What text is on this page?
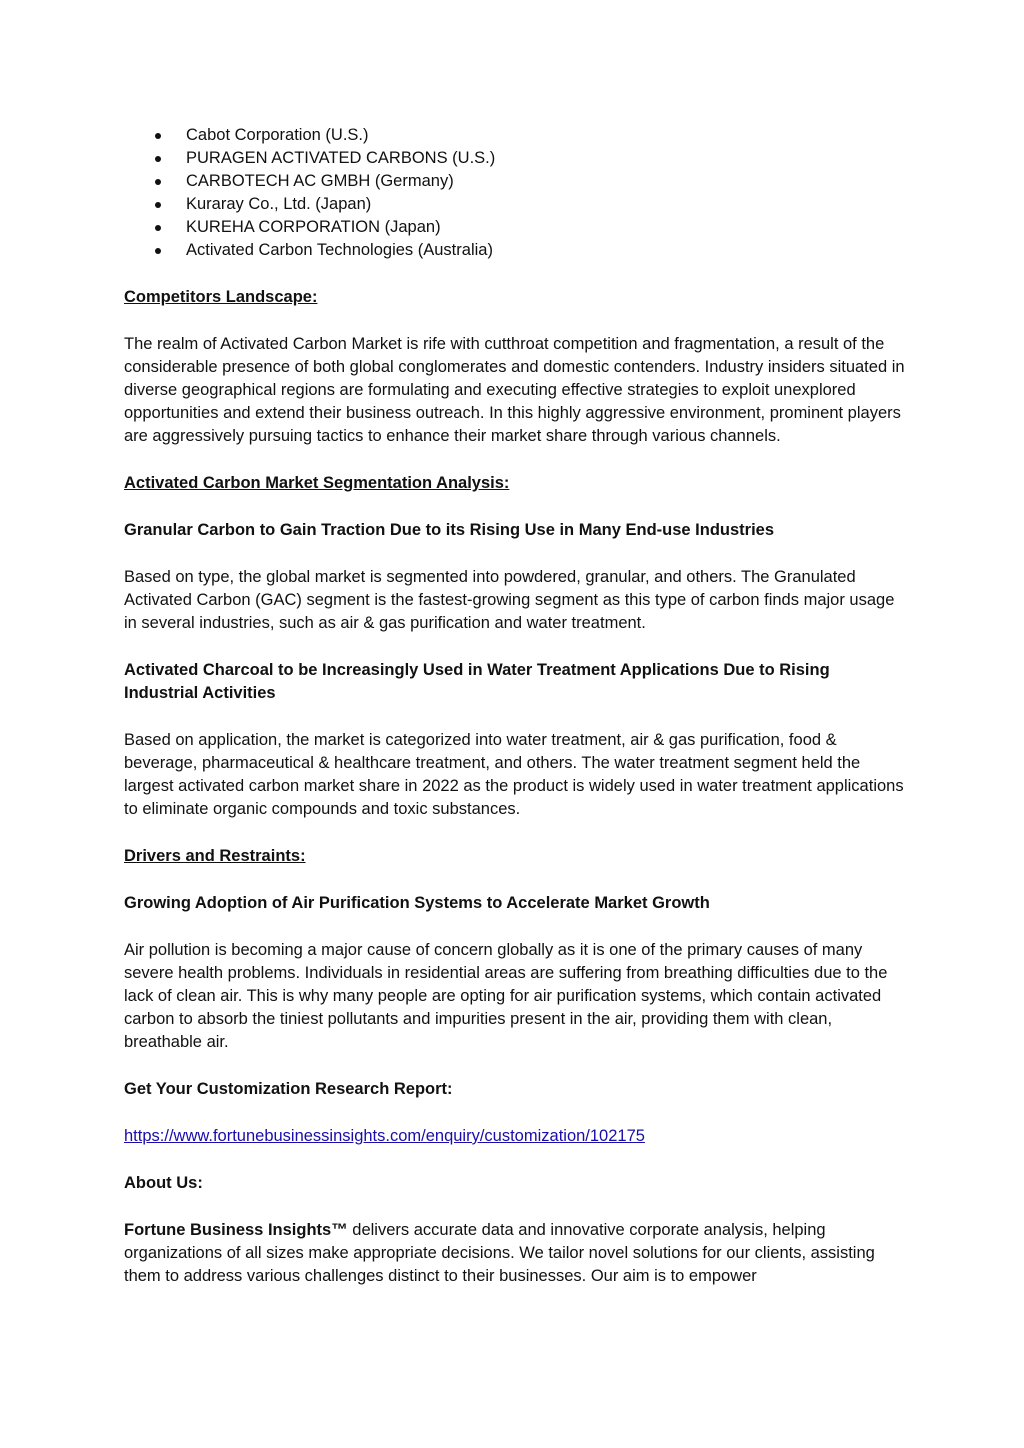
Cabot Corporation (U.S.)
PURAGEN ACTIVATED CARBONS (U.S.)
CARBOTECH AC GMBH (Germany)
Kuraray Co., Ltd. (Japan)
KUREHA CORPORATION (Japan)
Activated Carbon Technologies (Australia)

Competitors Landscape:

The realm of Activated Carbon Market is rife with cutthroat competition and fragmentation, a result of the considerable presence of both global conglomerates and domestic contenders. Industry insiders situated in diverse geographical regions are formulating and executing effective strategies to exploit unexplored opportunities and extend their business outreach. In this highly aggressive environment, prominent players are aggressively pursuing tactics to enhance their market share through various channels.

Activated Carbon Market Segmentation Analysis:

Granular Carbon to Gain Traction Due to its Rising Use in Many End-use Industries

Based on type, the global market is segmented into powdered, granular, and others. The Granulated Activated Carbon (GAC) segment is the fastest-growing segment as this type of carbon finds major usage in several industries, such as air & gas purification and water treatment.

Activated Charcoal to be Increasingly Used in Water Treatment Applications Due to Rising Industrial Activities

Based on application, the market is categorized into water treatment, air & gas purification, food & beverage, pharmaceutical & healthcare treatment, and others. The water treatment segment held the largest activated carbon market share in 2022 as the product is widely used in water treatment applications to eliminate organic compounds and toxic substances.

Drivers and Restraints:

Growing Adoption of Air Purification Systems to Accelerate Market Growth

Air pollution is becoming a major cause of concern globally as it is one of the primary causes of many severe health problems. Individuals in residential areas are suffering from breathing difficulties due to the lack of clean air. This is why many people are opting for air purification systems, which contain activated carbon to absorb the tiniest pollutants and impurities present in the air, providing them with clean, breathable air.

Get Your Customization Research Report:

https://www.fortunebusinessinsights.com/enquiry/customization/102175

About Us:

Fortune Business Insights™ delivers accurate data and innovative corporate analysis, helping organizations of all sizes make appropriate decisions. We tailor novel solutions for our clients, assisting them to address various challenges distinct to their businesses. Our aim is to empower
